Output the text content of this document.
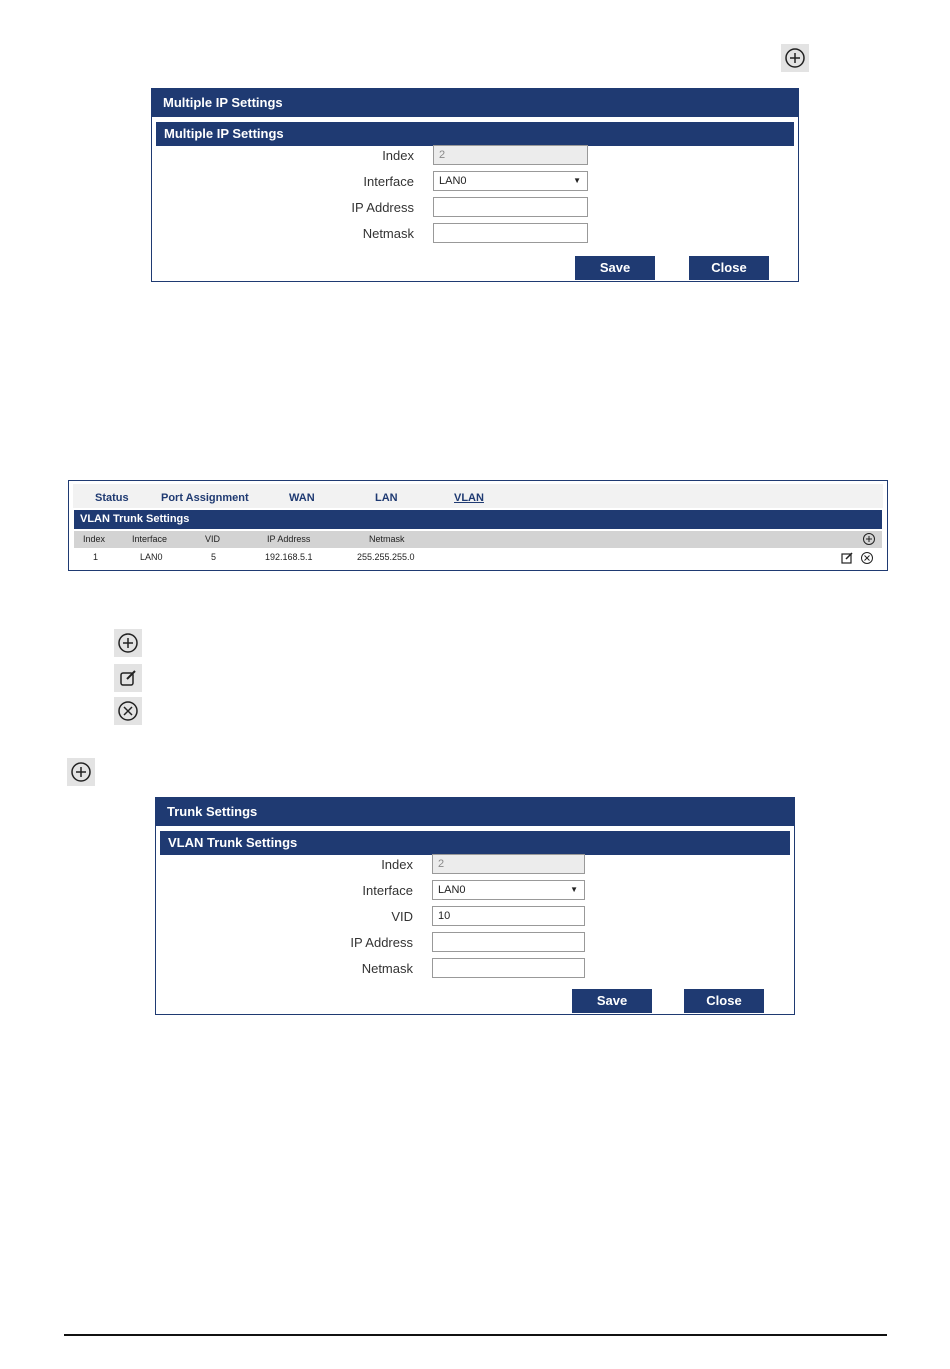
Multiple IP Settings
Multiple IP Settings
Index	2
Interface	LAN0	▼
IP Address
Netmask
Save	Close
Status	Port Assignment	WAN	LAN	VLAN
VLAN Trunk Settings
Index	Interface	VID	IP Address	Netmask
1	LAN0	5	192.168.5.1	255.255.255.0
Trunk Settings
VLAN Trunk Settings
Index	2
Interface	LAN0	▼
VID	10
IP Address
Netmask
Save	Close
